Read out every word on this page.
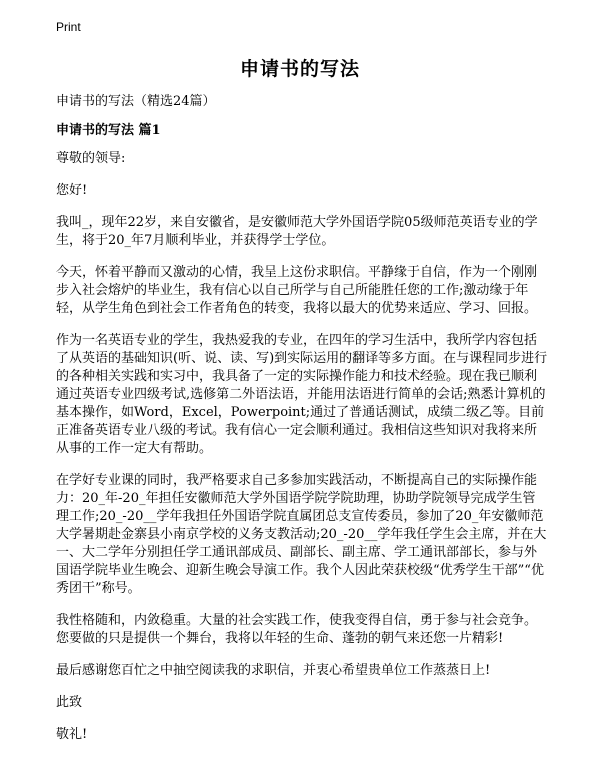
Print
申请书的写法

申请书的写法（精选24篇）

申请书的写法 篇1

尊敬的领导:

您好!

我叫_，现年22岁，来自安徽省，是安徽师范大学外国语学院05级师范英语专业的学生，将于20_年7月顺利毕业，并获得学士学位。

今天，怀着平静而又激动的心情，我呈上这份求职信。平静缘于自信，作为一个刚刚步入社会熔炉的毕业生，我有信心以自己所学与自己所能胜任您的工作;激动缘于年轻，从学生角色到社会工作者角色的转变，我将以最大的优势来适应、学习、回报。

作为一名英语专业的学生，我热爱我的专业，在四年的学习生活中，我所学内容包括了从英语的基础知识(听、说、读、写)到实际运用的翻译等多方面。在与课程同步进行的各种相关实践和实习中，我具备了一定的实际操作能力和技术经验。现在我已顺利通过英语专业四级考试,选修第二外语法语，并能用法语进行简单的会话;熟悉计算机的基本操作，如Word，Excel，Powerpoint;通过了普通话测试，成绩二级乙等。目前正准备英语专业八级的考试。我有信心一定会顺利通过。我相信这些知识对我将来所从事的工作一定大有帮助。

在学好专业课的同时，我严格要求自己多参加实践活动，不断提高自己的实际操作能力：20_年-20_年担任安徽师范大学外国语学院学院助理，协助学院领导完成学生管理工作;20_-20__学年我担任外国语学院直属团总支宣传委员，参加了20_年安徽师范大学暑期赴金寨县小南京学校的义务支教活动;20_-20__学年我任学生会主席，并在大一、大二学年分别担任学工通讯部成员、副部长、副主席、学工通讯部部长，参与外国语学院毕业生晚会、迎新生晚会导演工作。我个人因此荣获校级“优秀学生干部”“优秀团干”称号。

我性格随和，内敛稳重。大量的社会实践工作，使我变得自信，勇于参与社会竞争。您要做的只是提供一个舞台，我将以年轻的生命、蓬勃的朝气来还您一片精彩!

最后感谢您百忙之中抽空阅读我的求职信，并衷心希望贵单位工作蒸蒸日上!

此致

敬礼!
